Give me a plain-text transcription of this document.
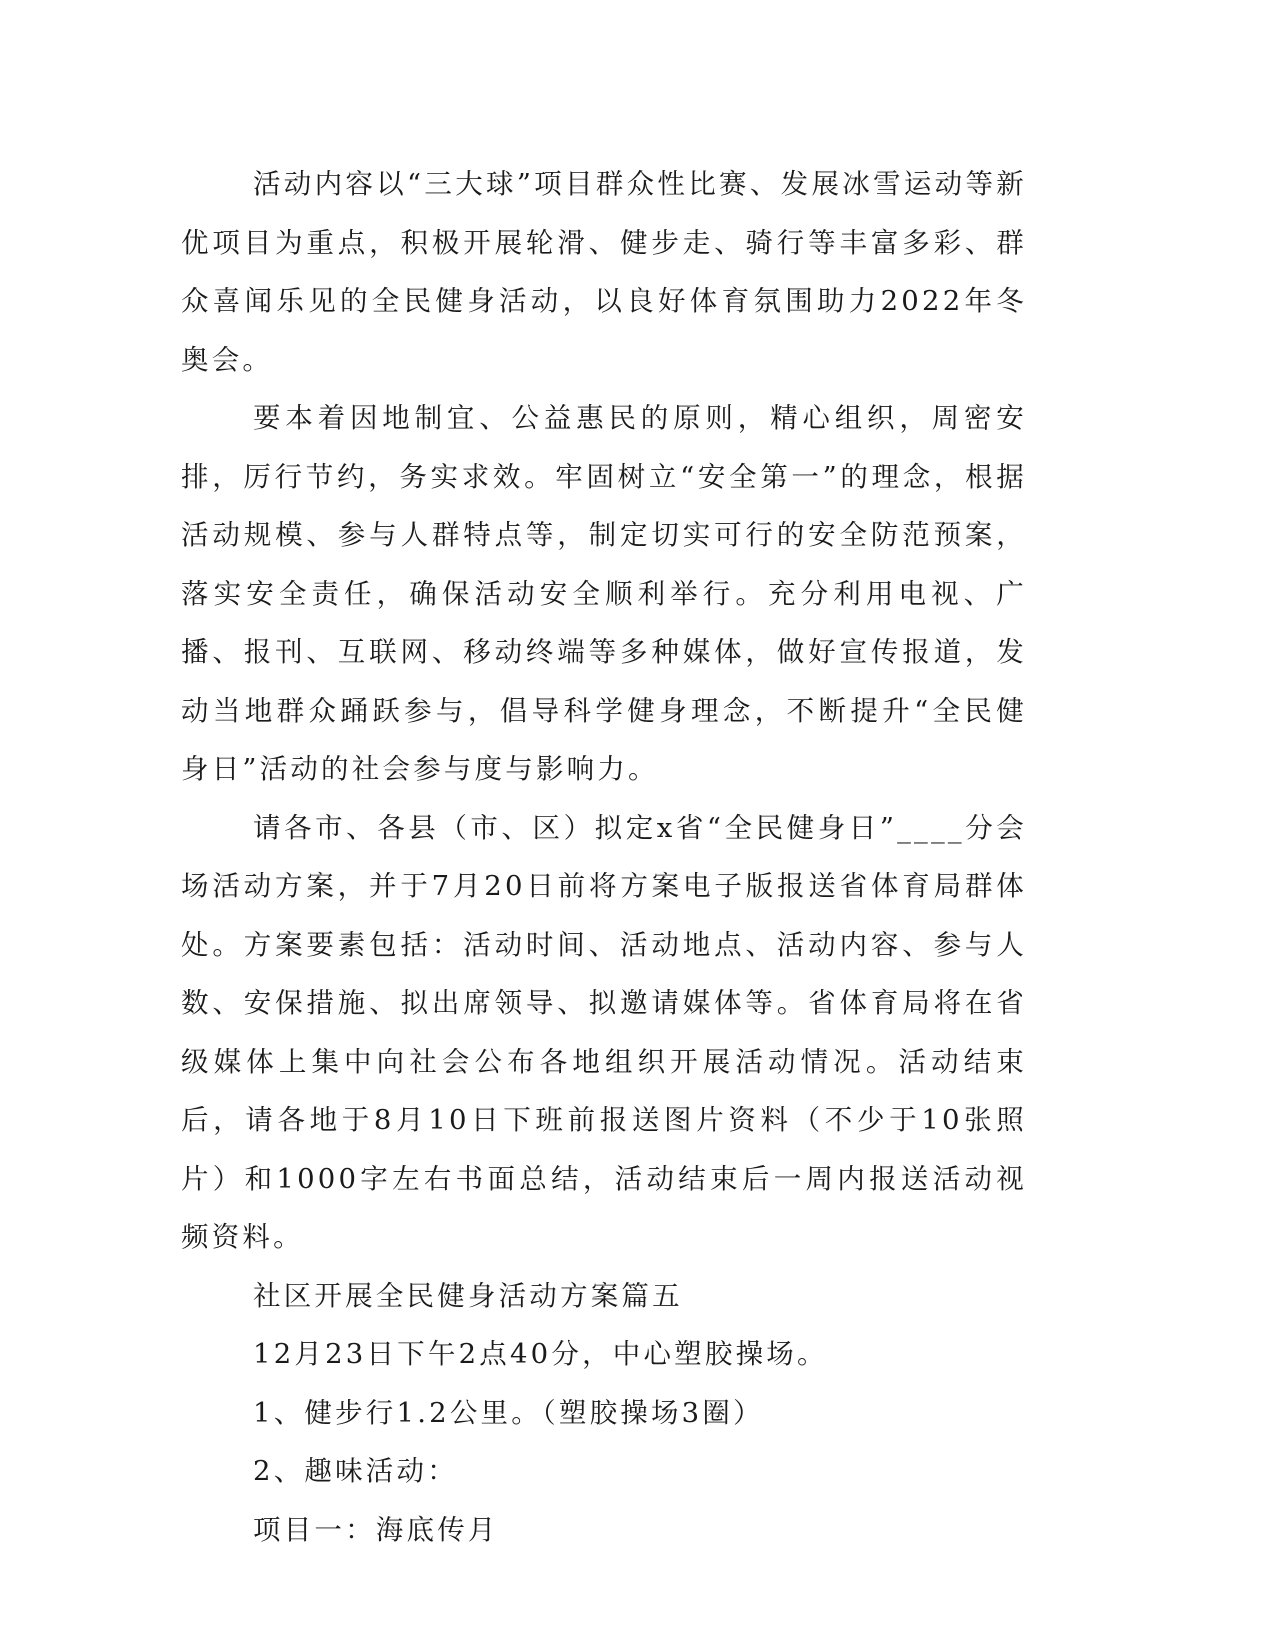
活动内容以“三大球”项目群众性比赛、发展冰雪运动等新优项目为重点，积极开展轮滑、健步走、骑行等丰富多彩、群众喜闻乐见的全民健身活动，以良好体育氛围助力2022年冬奥会。

要本着因地制宜、公益惠民的原则，精心组织，周密安排，厉行节约，务实求效。牢固树立“安全第一”的理念，根据活动规模、参与人群特点等，制定切实可行的安全防范预案，落实安全责任，确保活动安全顺利举行。充分利用电视、广播、报刊、互联网、移动终端等多种媒体，做好宣传报道，发动当地群众踊跃参与，倡导科学健身理念，不断提升“全民健身日”活动的社会参与度与影响力。

请各市、各县（市、区）拟定x省“全民健身日”____分会场活动方案，并于7月20日前将方案电子版报送省体育局群体处。方案要素包括：活动时间、活动地点、活动内容、参与人数、安保措施、拟出席领导、拟邀请媒体等。省体育局将在省级媒体上集中向社会公布各地组织开展活动情况。活动结束后，请各地于8月10日下班前报送图片资料（不少于10张照片）和1000字左右书面总结，活动结束后一周内报送活动视频资料。

社区开展全民健身活动方案篇五

12月23日下午2点40分，中心塑胶操场。

1、健步行1.2公里。（塑胶操场3圈）

2、趣味活动：

项目一：海底传月
